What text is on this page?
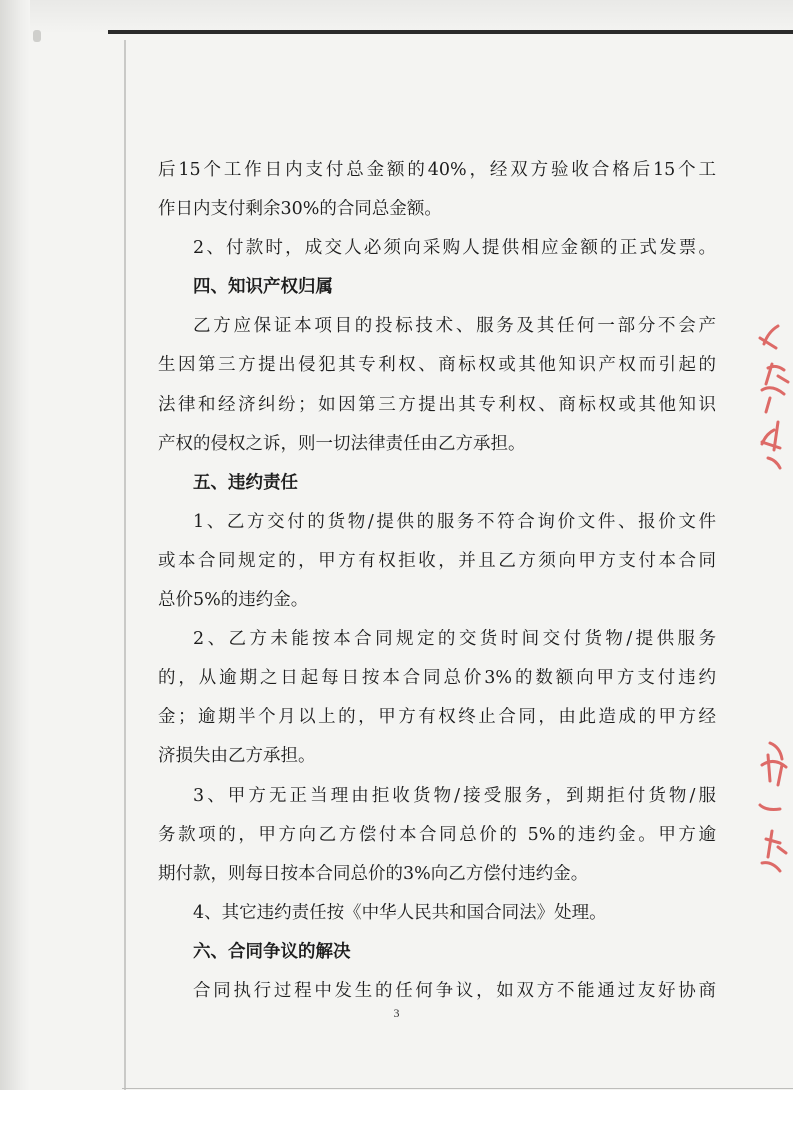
后15个工作日内支付总金额的40%，经双方验收合格后15个工
作日内支付剩余30%的合同总金额。
2、付款时，成交人必须向采购人提供相应金额的正式发票。
四、知识产权归属
乙方应保证本项目的投标技术、服务及其任何一部分不会产
生因第三方提出侵犯其专利权、商标权或其他知识产权而引起的
法律和经济纠纷；如因第三方提出其专利权、商标权或其他知识
产权的侵权之诉，则一切法律责任由乙方承担。
五、违约责任
1、乙方交付的货物/提供的服务不符合询价文件、报价文件
或本合同规定的，甲方有权拒收，并且乙方须向甲方支付本合同
总价5%的违约金。
2、乙方未能按本合同规定的交货时间交付货物/提供服务
的，从逾期之日起每日按本合同总价3%的数额向甲方支付违约
金；逾期半个月以上的，甲方有权终止合同，由此造成的甲方经
济损失由乙方承担。
3、甲方无正当理由拒收货物/接受服务，到期拒付货物/服
务款项的，甲方向乙方偿付本合同总价的 5%的违约金。甲方逾
期付款，则每日按本合同总价的3%向乙方偿付违约金。
4、其它违约责任按《中华人民共和国合同法》处理。
六、合同争议的解决
合同执行过程中发生的任何争议，如双方不能通过友好协商
3
